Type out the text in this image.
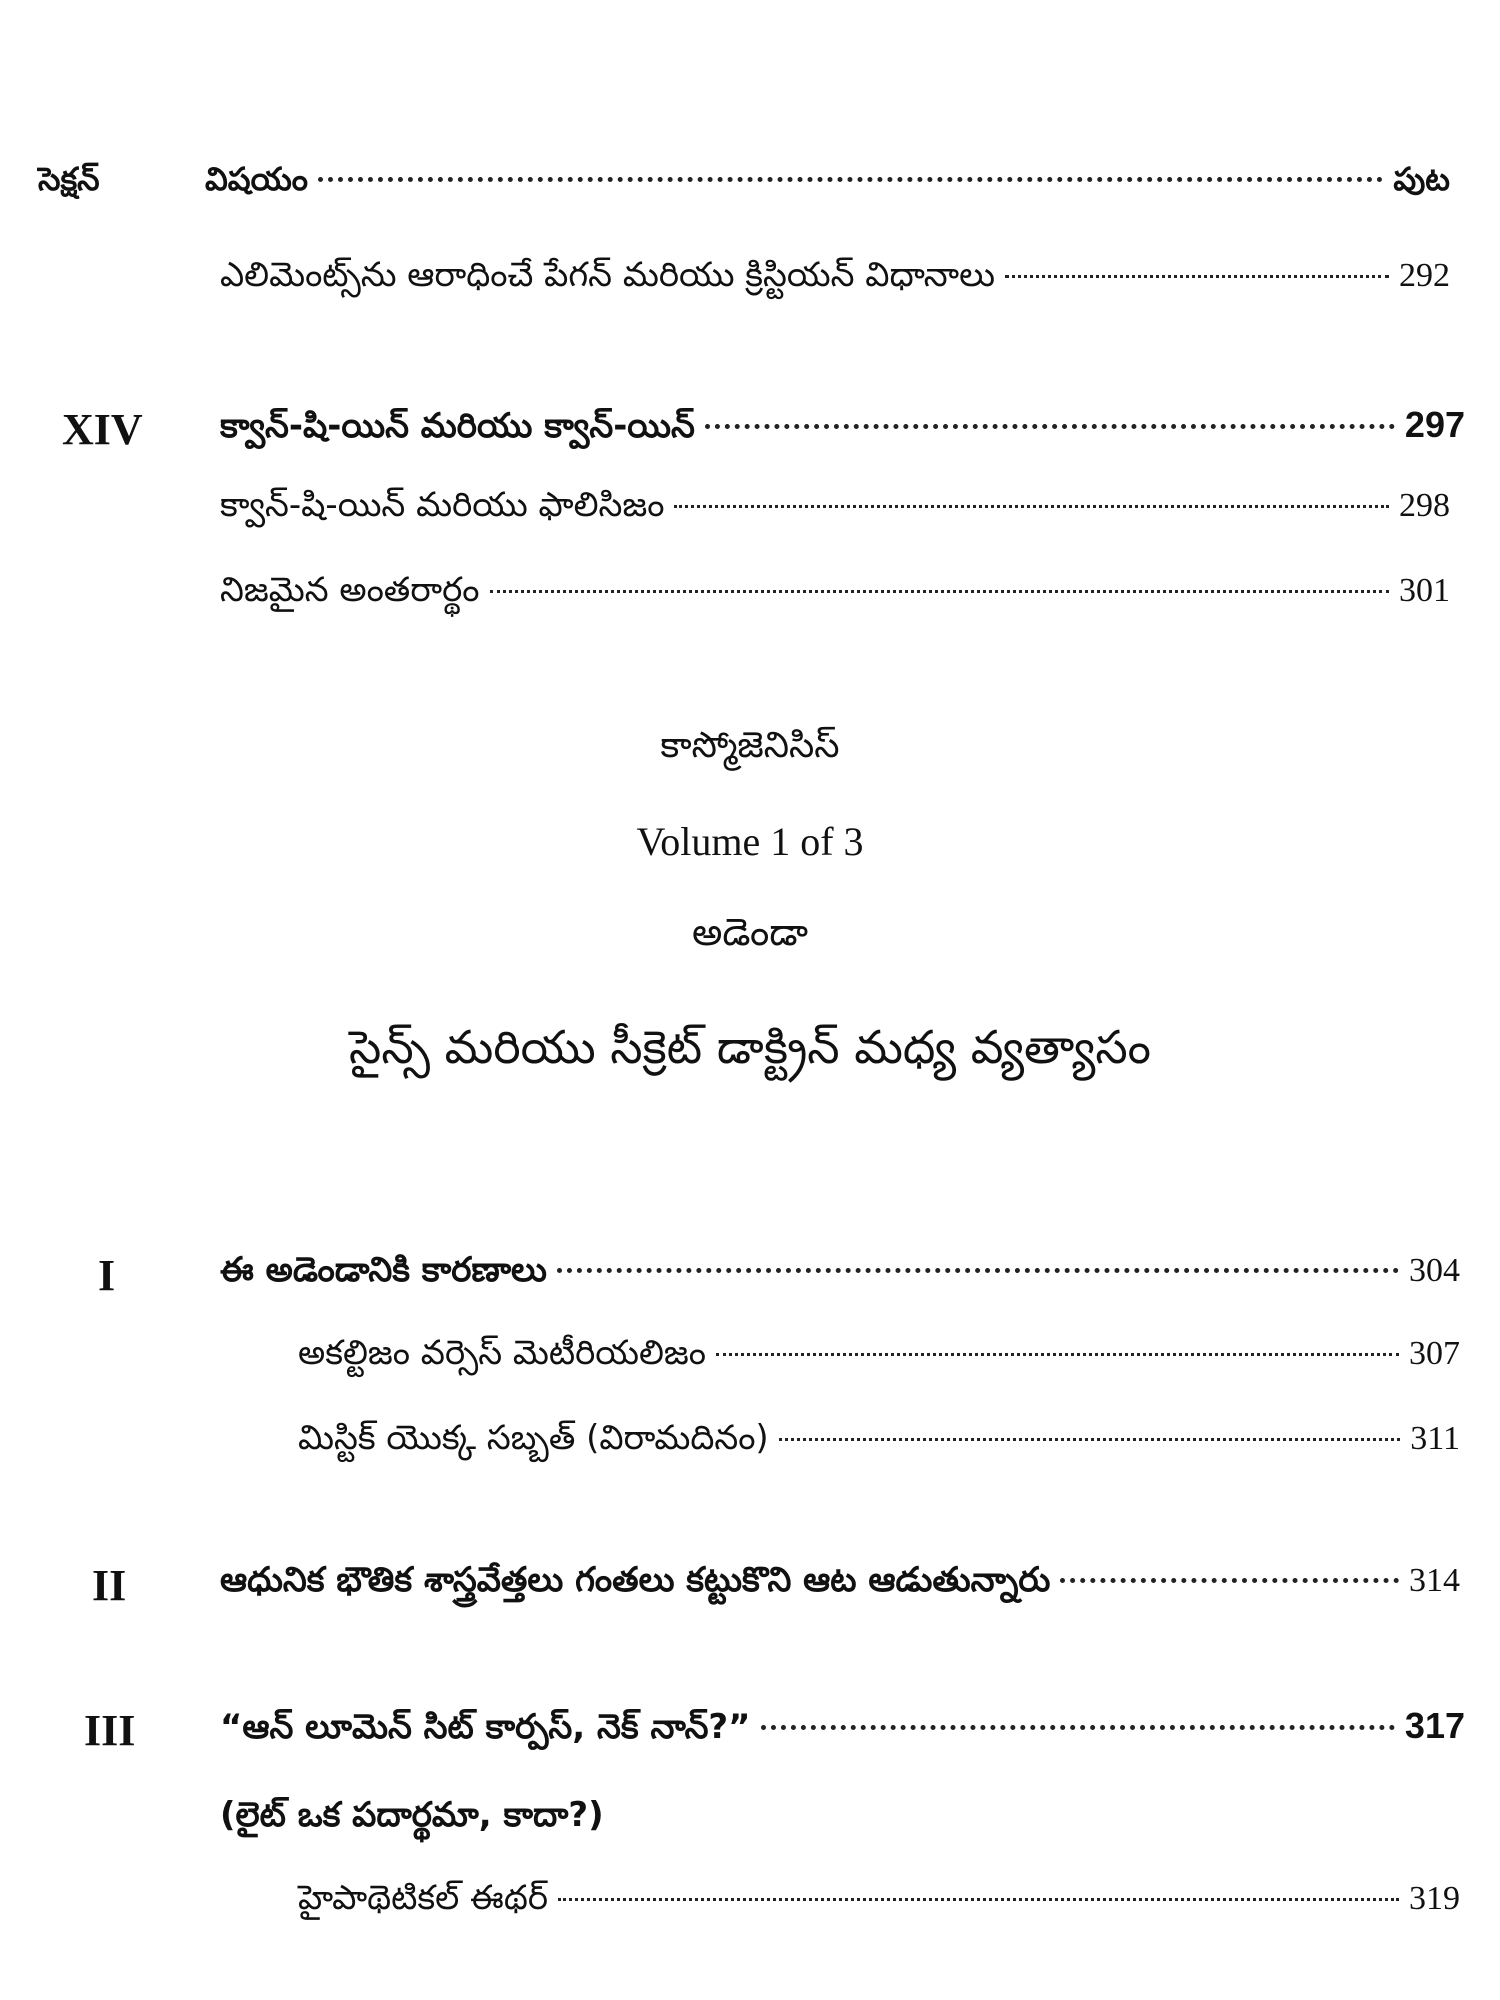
సెక్షన్	విషయం	పుట
ఎలిమెంట్స్‌ను ఆరాధించే పేగన్ మరియు క్రిస్టియన్ విధానాలు	292
XIV క్వాన్-షి-యిన్ మరియు క్వాన్-యిన్	297
క్వాన్-షి-యిన్ మరియు ఫాలిసిజం	298
నిజమైన అంతరార్థం	301
కాస్మోజెనిసిస్
Volume 1 of 3
అడెండా
సైన్స్ మరియు సీక్రెట్ డాక్ట్రిన్ మధ్య వ్యత్యాసం
I	ఈ అడెండానికి కారణాలు	304
అకల్టిజం వర్సెస్ మెటీరియలిజం	307
మిస్టిక్ యొక్క సబ్బత్ (విరామదినం)	311
II	ఆధునిక భౌతిక శాస్త్రవేత్తలు గంతలు కట్టుకొని ఆట ఆడుతున్నారు	314
III “ఆన్ లూమెన్ సిట్ కార్పస్, నెక్ నాన్?”	317
(లైట్ ఒక పదార్థమా, కాదా?)
హైపాథెటికల్ ఈథర్	319
